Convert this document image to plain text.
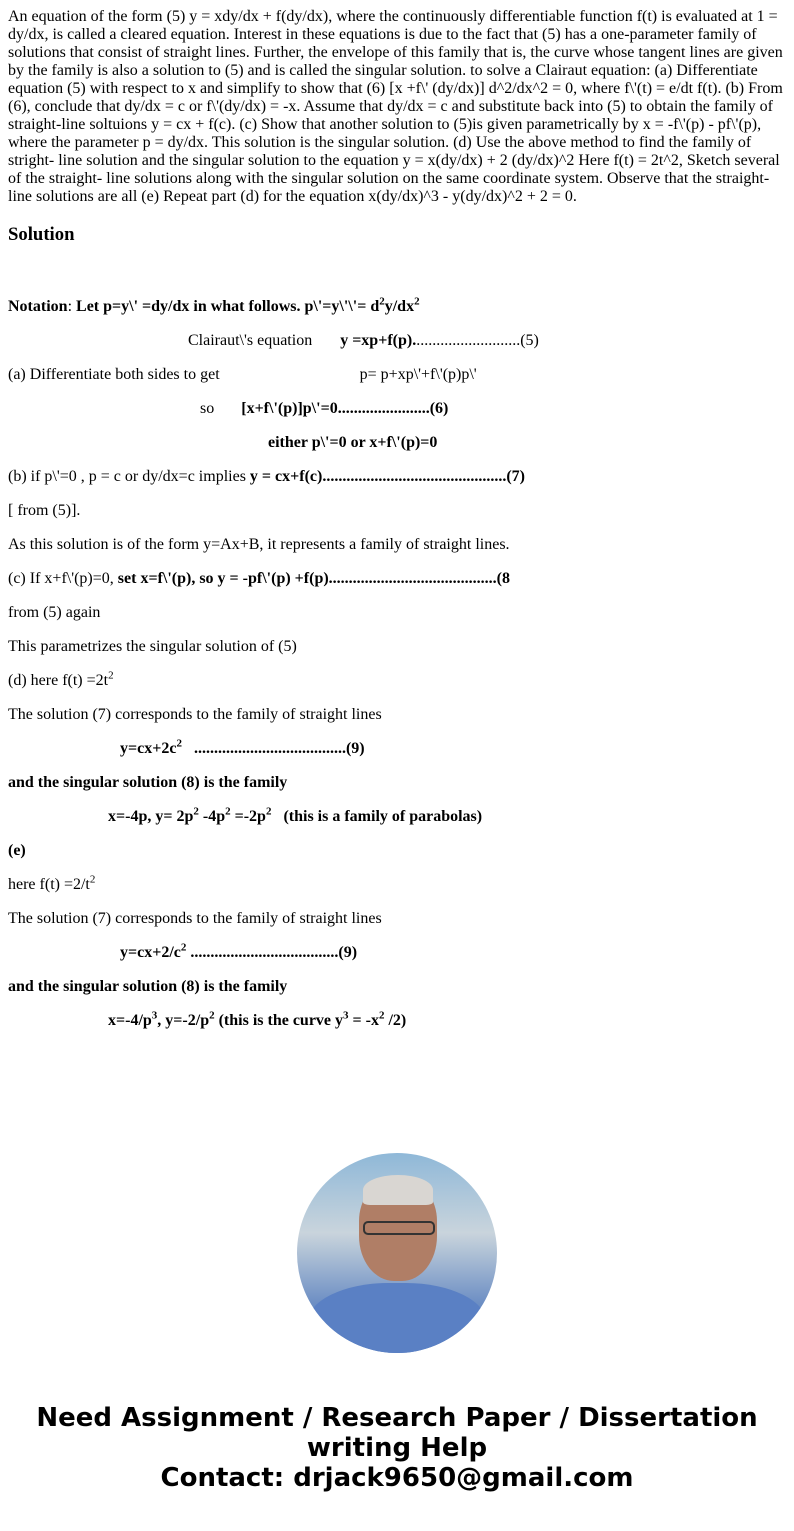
An equation of the form (5) y = xdy/dx + f(dy/dx), where the continuously differentiable function f(t) is evaluated at 1 = dy/dx, is called a cleared equation. Interest in these equations is due to the fact that (5) has a one-parameter family of solutions that consist of straight lines. Further, the envelope of this family that is, the curve whose tangent lines are given by the family is also a solution to (5) and is called the singular solution. to solve a Clairaut equation: (a) Differentiate equation (5) with respect to x and simplify to show that (6) [x +f\' (dy/dx)] d^2/dx^2 = 0, where f\'(t) = e/dt f(t). (b) From (6), conclude that dy/dx = c or f\'(dy/dx) = -x. Assume that dy/dx = c and substitute back into (5) to obtain the family of straight-line soltuions y = cx + f(c). (c) Show that another solution to (5)is given parametrically by x = -f\'(p) - pf\'(p), where the parameter p = dy/dx. This solution is the singular solution. (d) Use the above method to find the family of stright- line solution and the singular solution to the equation y = x(dy/dx) + 2 (dy/dx)^2 Here f(t) = 2t^2, Sketch several of the straight- line solutions along with the singular solution on the same coordinate system. Observe that the straight- line solutions are all (e) Repeat part (d) for the equation x(dy/dx)^3 - y(dy/dx)^2 + 2 = 0.
Solution

Notation: Let p=y\' =dy/dx in what follows. p\'=y\'\'= $d^2y/dx^2$

Clairaut\'s equation y =xp+f(p)...........................(5)

(a) Differentiate both sides to get	p= p+xp\'+f\'(p)p\'

so [x+f\'(p)]p\'=0.......................(6)

either p\'=0 or x+f\'(p)=0

(b) if p\'=0 , p = c or dy/dx=c implies y = cx+f(c)..............................................(7)

[ from (5)].

As this solution is of the form y=Ax+B, it represents a family of straight lines.

(c) If x+f\'(p)=0, set x=f\'(p), so y = -pf\'(p) +f(p)..........................................(8

from (5) again

This parametrizes the singular solution of (5)

(d) here $f(t) =2t^2$

The solution (7) corresponds to the family of straight lines

$y=cx+2c^2$   ......................................(9)

and the singular solution (8) is the family

x=-4p, $y= 2p^2$ $-4p^2 =-2p^2$   (this is a family of parabolas)

(e)

here $f(t) =2/t^2$

The solution (7) corresponds to the family of straight lines

$y=cx+2/c^2$ .....................................(9)

and the singular solution (8) is the family

$x=-4/p^3$, $y=-2/p^2$ (this is the curve $y^3 = -x^2$ /2)

Need Assignment / Research Paper / Dissertation
writing Help
Contact: drjack9650@gmail.com
